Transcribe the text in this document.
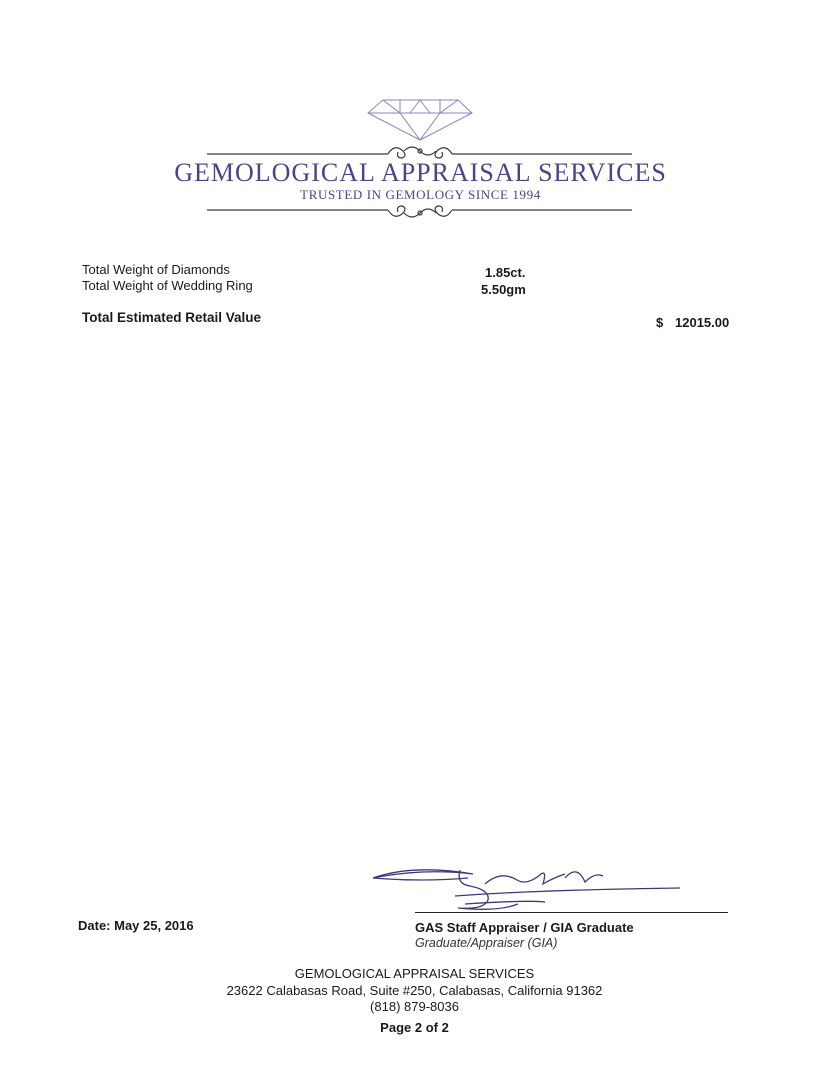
GEMOLOGICAL APPRAISAL SERVICES
TRUSTED IN GEMOLOGY SINCE 1994
Total Weight of Diamonds	1.85ct.
Total Weight of Wedding Ring	5.50gm
Total Estimated Retail Value	$ 12015.00
Date: May 25, 2016	GAS Staff Appraiser / GIA Graduate
Graduate/Appraiser (GIA)
GEMOLOGICAL APPRAISAL SERVICES
23622 Calabasas Road, Suite #250, Calabasas, California 91362
(818) 879-8036
Page 2 of 2
